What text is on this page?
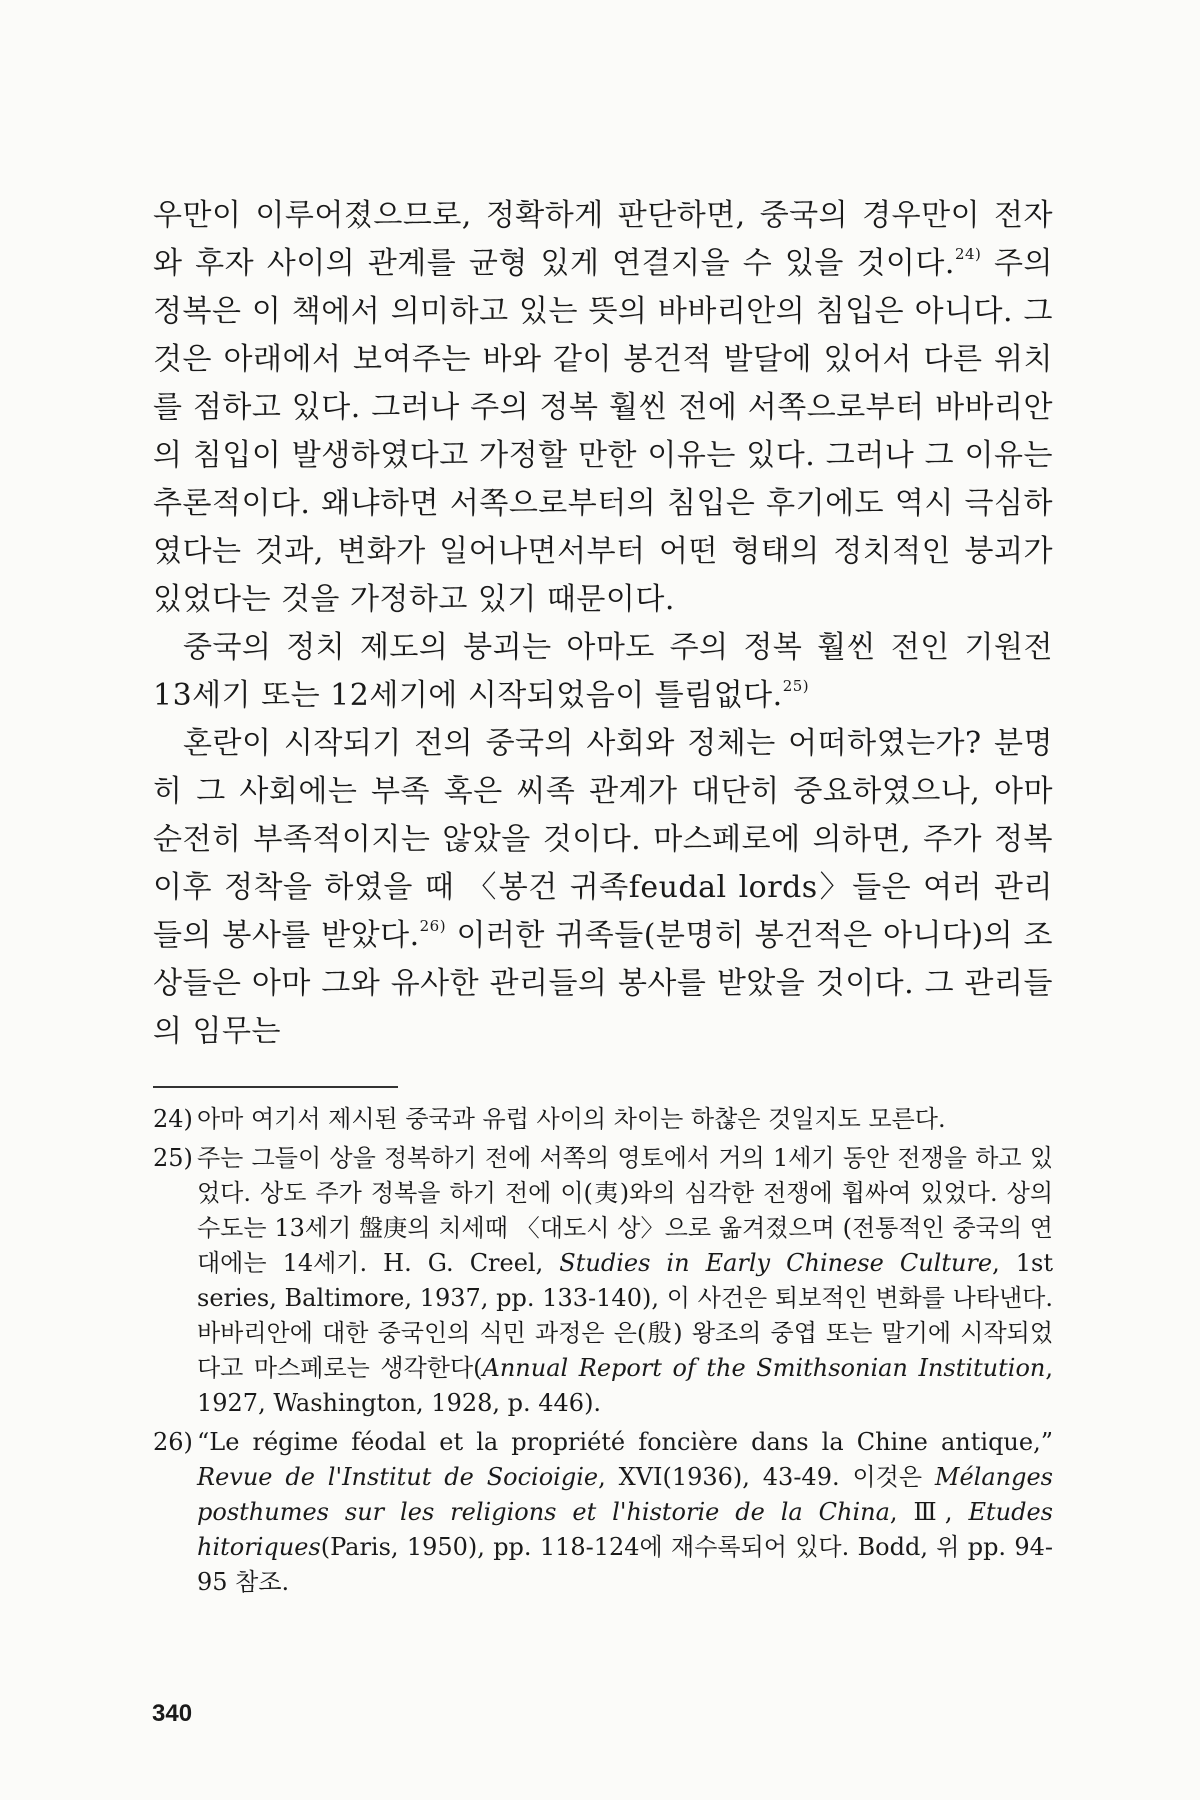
우만이 이루어졌으므로, 정확하게 판단하면, 중국의 경우만이 전자와 후자 사이의 관계를 균형 있게 연결지을 수 있을 것이다.$^{24)}$ 주의 정복은 이 책에서 의미하고 있는 뜻의 바바리안의 침입은 아니다. 그것은 아래에서 보여주는 바와 같이 봉건적 발달에 있어서 다른 위치를 점하고 있다. 그러나 주의 정복 훨씬 전에 서쪽으로부터 바바리안의 침입이 발생하였다고 가정할 만한 이유는 있다. 그러나 그 이유는 추론적이다. 왜냐하면 서쪽으로부터의 침입은 후기에도 역시 극심하였다는 것과, 변화가 일어나면서부터 어떤 형태의 정치적인 붕괴가 있었다는 것을 가정하고 있기 때문이다.

중국의 정치 제도의 붕괴는 아마도 주의 정복 훨씬 전인 기원전 13세기 또는 12세기에 시작되었음이 틀림없다.$^{25)}$

혼란이 시작되기 전의 중국의 사회와 정체는 어떠하였는가? 분명히 그 사회에는 부족 혹은 씨족 관계가 대단히 중요하였으나, 아마 순전히 부족적이지는 않았을 것이다. 마스페로에 의하면, 주가 정복 이후 정착을 하였을 때 〈봉건 귀족feudal lords〉들은 여러 관리들의 봉사를 받았다.$^{26)}$ 이러한 귀족들(분명히 봉건적은 아니다)의 조상들은 아마 그와 유사한 관리들의 봉사를 받았을 것이다. 그 관리들의 임무는

24) 아마 여기서 제시된 중국과 유럽 사이의 차이는 하찮은 것일지도 모른다.

25) 주는 그들이 상을 정복하기 전에 서쪽의 영토에서 거의 1세기 동안 전쟁을 하고 있었다. 상도 주가 정복을 하기 전에 이(夷)와의 심각한 전쟁에 휩싸여 있었다. 상의 수도는 13세기 盤庚의 치세때 〈대도시 상〉으로 옮겨졌으며 (전통적인 중국의 연대에는 14세기. H. G. Creel, Studies in Early Chinese Culture, 1st series, Baltimore, 1937, pp. 133-140), 이 사건은 퇴보적인 변화를 나타낸다. 바바리안에 대한 중국인의 식민 과정은 은(殷) 왕조의 중엽 또는 말기에 시작되었다고 마스페로는 생각한다(Annual Report of the Smithsonian Institution, 1927, Washington, 1928, p. 446).

26) “Le régime féodal et la propriété foncière dans la Chine antique,” Revue de l'Institut de Socioigie, XVI(1936), 43-49. 이것은 Mélanges posthumes sur les religions et l'historie de la China, Ⅲ, Etudes hitoriques(Paris, 1950), pp. 118-124에 재수록되어 있다. Bodd, 위 pp. 94-95 참조.

340
